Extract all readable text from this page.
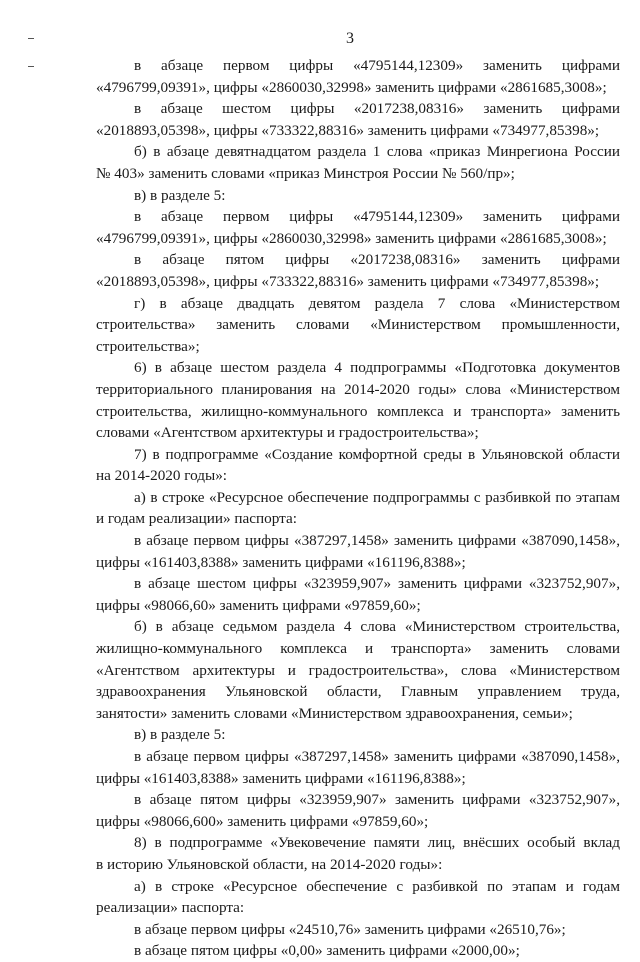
3
в абзаце первом цифры «4795144,12309» заменить цифрами
«4796799,09391», цифры «2860030,32998» заменить цифрами «2861685,3008»;
в абзаце шестом цифры «2017238,08316» заменить цифрами
«2018893,05398», цифры «733322,88316» заменить цифрами «734977,85398»;
б) в абзаце девятнадцатом раздела 1 слова «приказ Минрегиона России
№ 403» заменить словами «приказ Минстроя России № 560/пр»;
в) в разделе 5:
в абзаце первом цифры «4795144,12309» заменить цифрами
«4796799,09391», цифры «2860030,32998» заменить цифрами «2861685,3008»;
в абзаце пятом цифры «2017238,08316» заменить цифрами
«2018893,05398», цифры «733322,88316» заменить цифрами «734977,85398»;
г) в абзаце двадцать девятом раздела 7 слова «Министерством
строительства» заменить словами «Министерством промышленности,
строительства»;
6) в абзаце шестом раздела 4 подпрограммы «Подготовка документов
территориального планирования на 2014-2020 годы» слова «Министерством
строительства, жилищно-коммунального комплекса и транспорта» заменить
словами «Агентством архитектуры и градостроительства»;
7) в подпрограмме «Создание комфортной среды в Ульяновской области
на 2014-2020 годы»:
а) в строке «Ресурсное обеспечение подпрограммы с разбивкой по этапам
и годам реализации» паспорта:
в абзаце первом цифры «387297,1458» заменить цифрами «387090,1458»,
цифры «161403,8388» заменить цифрами «161196,8388»;
в абзаце шестом цифры «323959,907» заменить цифрами «323752,907»,
цифры «98066,60» заменить цифрами «97859,60»;
б) в абзаце седьмом раздела 4 слова «Министерством строительства,
жилищно-коммунального комплекса и транспорта» заменить словами
«Агентством архитектуры и градостроительства», слова «Министерством
здравоохранения Ульяновской области, Главным управлением труда,
занятости» заменить словами «Министерством здравоохранения, семьи»;
в) в разделе 5:
в абзаце первом цифры «387297,1458» заменить цифрами «387090,1458»,
цифры «161403,8388» заменить цифрами «161196,8388»;
в абзаце пятом цифры «323959,907» заменить цифрами «323752,907»,
цифры «98066,600» заменить цифрами «97859,60»;
8) в подпрограмме «Увековечение памяти лиц, внёсших особый вклад
в историю Ульяновской области, на 2014-2020 годы»:
а) в строке «Ресурсное обеспечение с разбивкой по этапам и годам
реализации» паспорта:
в абзаце первом цифры «24510,76» заменить цифрами «26510,76»;
в абзаце пятом цифры «0,00» заменить цифрами «2000,00»;
